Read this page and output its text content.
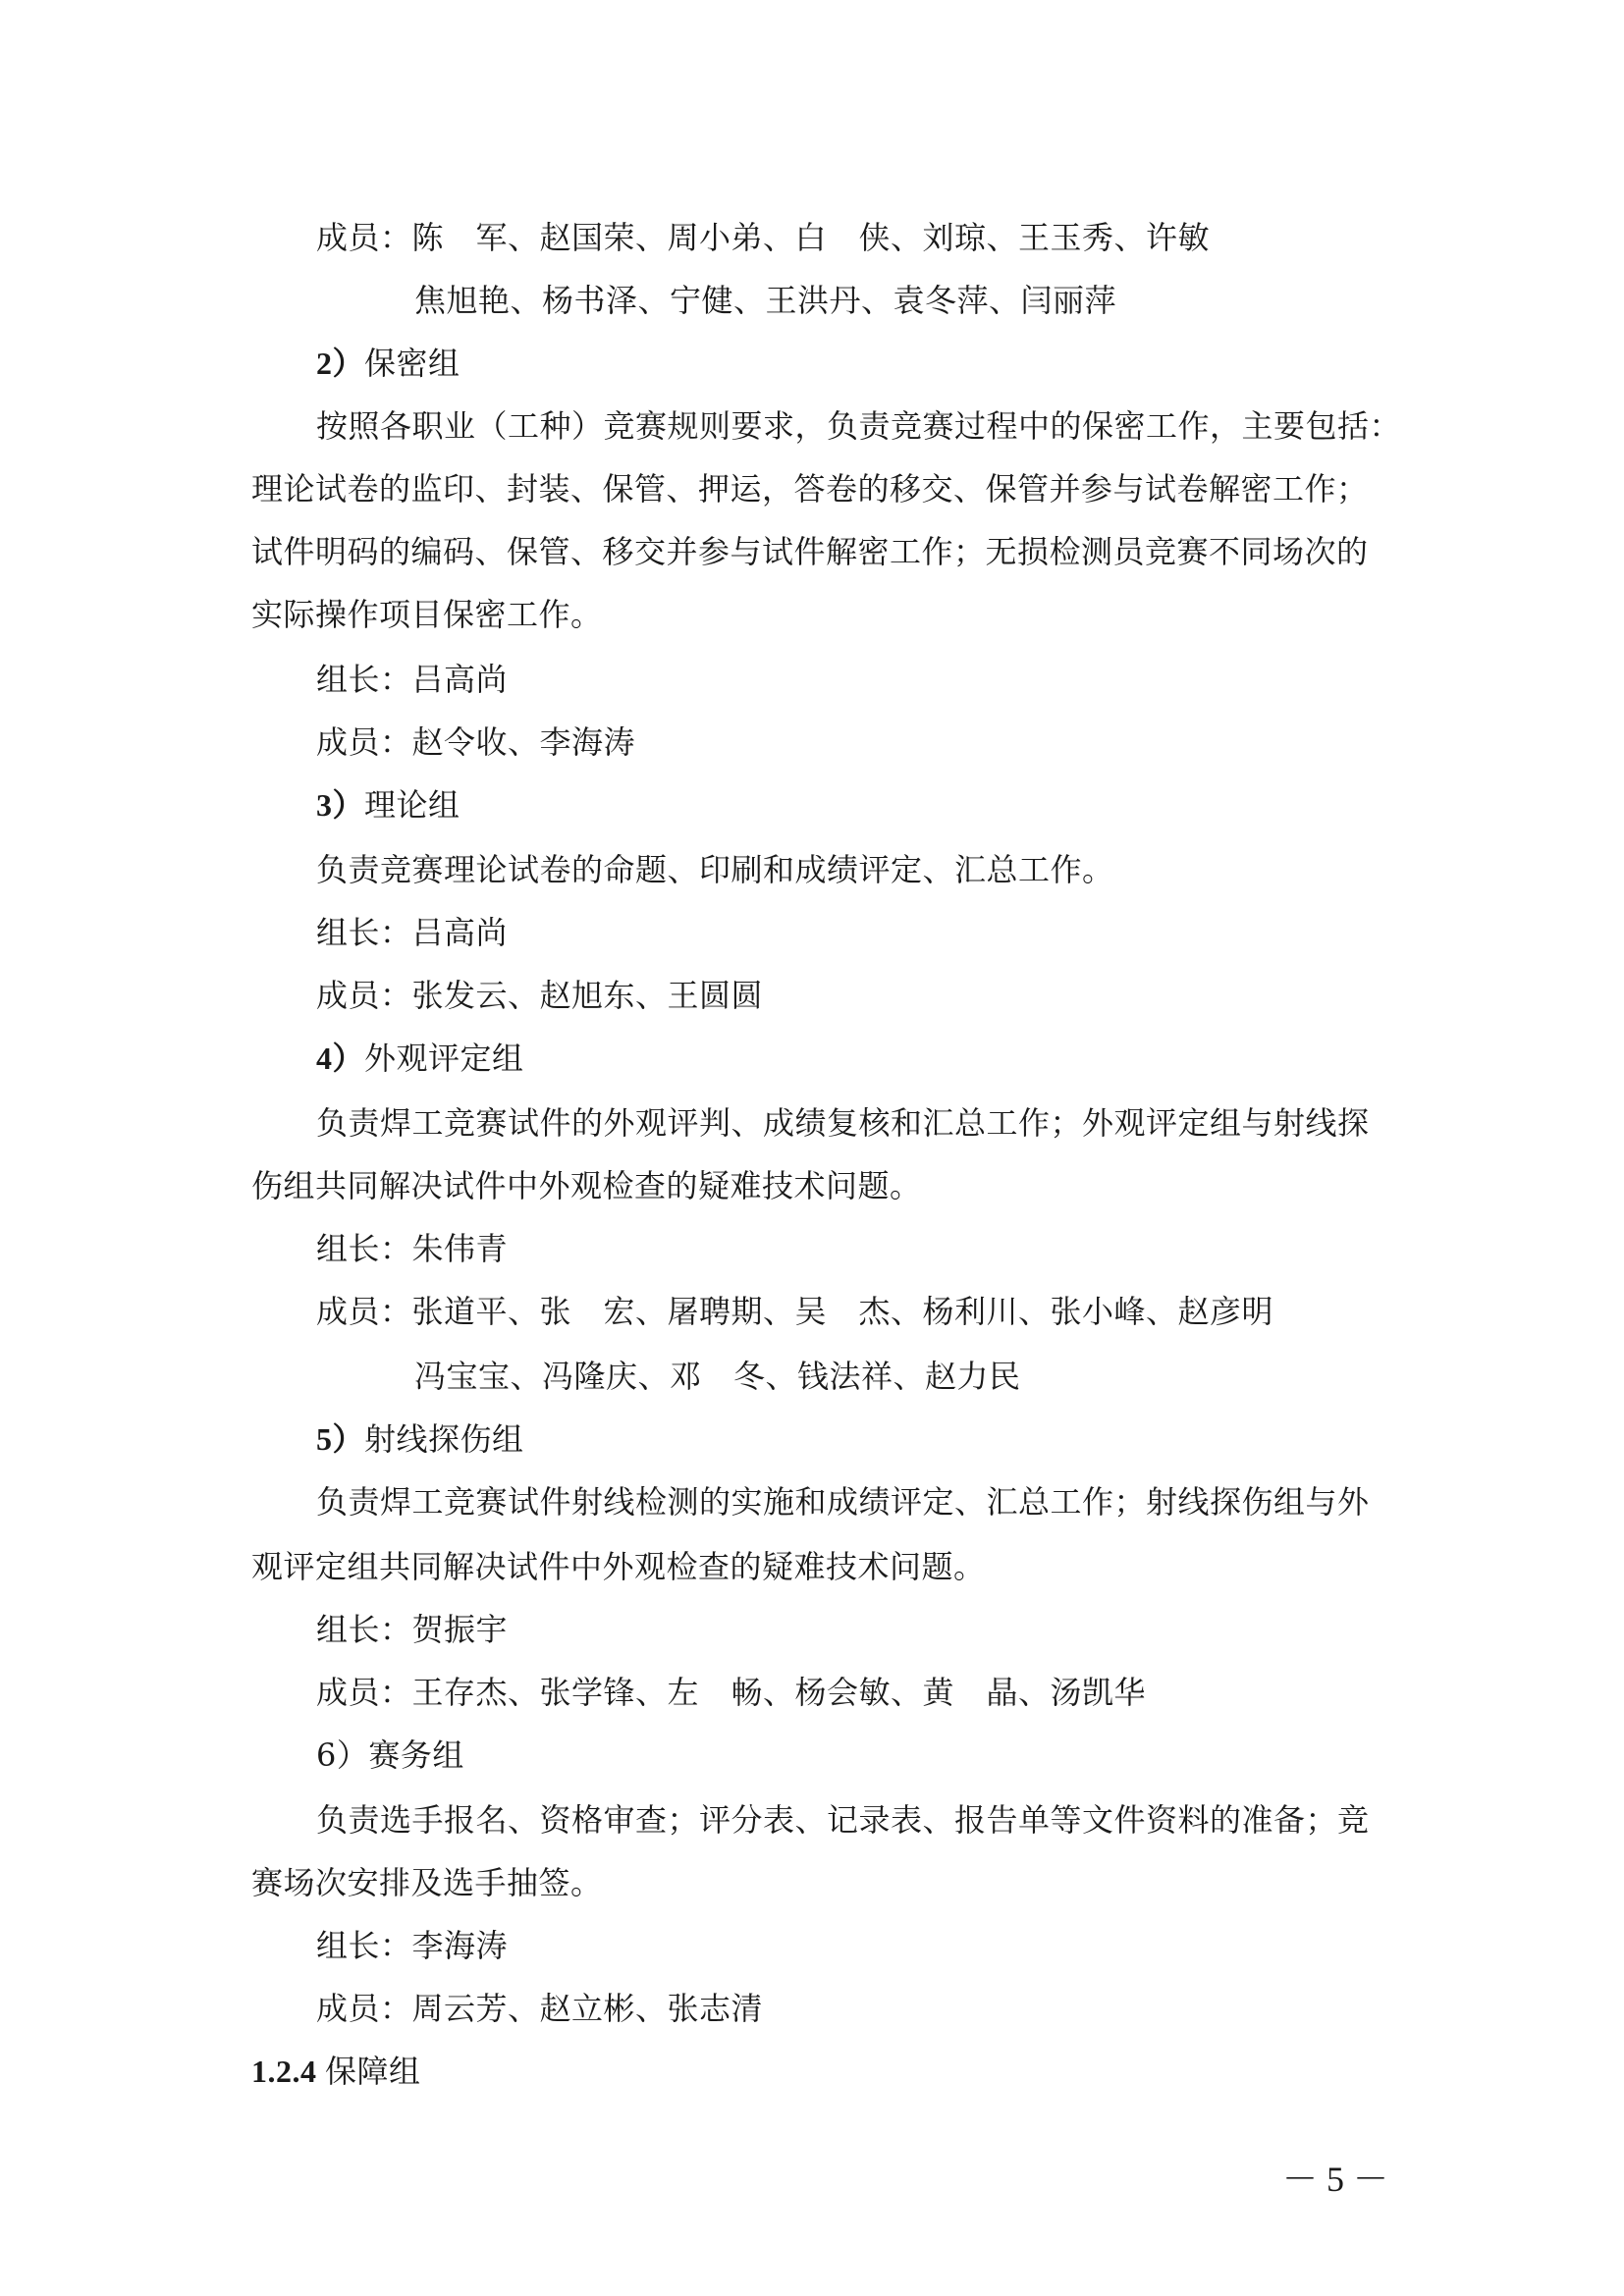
成员：陈　军、赵国荣、周小弟、白　侠、刘琼、王玉秀、许敏
焦旭艳、杨书泽、宁健、王洪丹、袁冬萍、闫丽萍
2）保密组
按照各职业（工种）竞赛规则要求，负责竞赛过程中的保密工作，主要包括：
理论试卷的监印、封装、保管、押运，答卷的移交、保管并参与试卷解密工作；
试件明码的编码、保管、移交并参与试件解密工作；无损检测员竞赛不同场次的
实际操作项目保密工作。
组长：吕高尚
成员：赵令收、李海涛
3）理论组
负责竞赛理论试卷的命题、印刷和成绩评定、汇总工作。
组长：吕高尚
成员：张发云、赵旭东、王圆圆
4）外观评定组
负责焊工竞赛试件的外观评判、成绩复核和汇总工作；外观评定组与射线探
伤组共同解决试件中外观检查的疑难技术问题。
组长：朱伟青
成员：张道平、张　宏、屠聘期、吴　杰、杨利川、张小峰、赵彦明
冯宝宝、冯隆庆、邓　冬、钱法祥、赵力民
5）射线探伤组
负责焊工竞赛试件射线检测的实施和成绩评定、汇总工作；射线探伤组与外
观评定组共同解决试件中外观检查的疑难技术问题。
组长：贺振宇
成员：王存杰、张学锋、左　畅、杨会敏、黄　晶、汤凯华
6）赛务组
负责选手报名、资格审查；评分表、记录表、报告单等文件资料的准备；竞
赛场次安排及选手抽签。
组长：李海涛
成员：周云芳、赵立彬、张志清
1.2.4 保障组
－ 5 －
